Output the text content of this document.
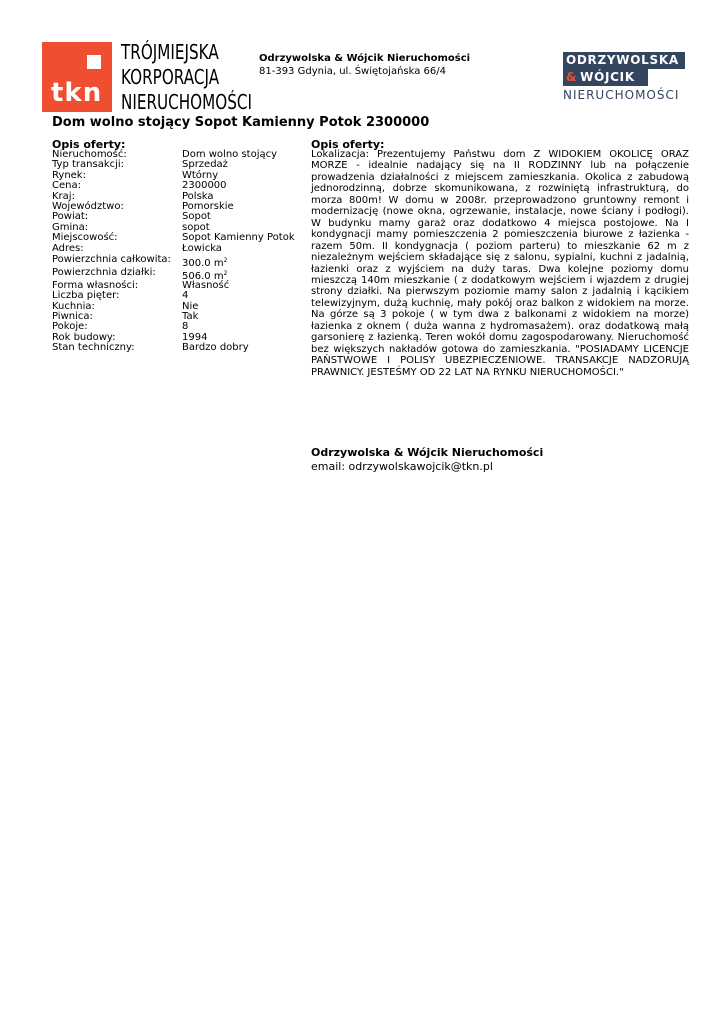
tkn
TRÓJMIEJSKA
KORPORACJA
NIERUCHOMOŚCI
Odrzywolska & Wójcik Nieruchomości
81-393 Gdynia, ul. Świętojańska 66/4
ODRZYWOLSKA
& WÓJCIK
NIERUCHOMOŚCI
Dom wolno stojący Sopot Kamienny Potok 2300000
Opis oferty:
Nieruchomość:	Dom wolno stojący
Typ transakcji:	Sprzedaż
Rynek:	Wtórny
Cena:	2300000
Kraj:	Polska
Województwo:	Pomorskie
Powiat:	Sopot
Gmina:	sopot
Miejscowość:	Sopot Kamienny Potok
Adres:	Łowicka
Powierzchnia całkowita: 300.0 $m^2$
Powierzchnia działki:	506.0 $m^2$
Forma własności:	Własność
Liczba pięter:	4
Kuchnia:	Nie
Piwnica:	Tak
Pokoje:	8
Rok budowy:	1994
Stan techniczny:	Bardzo dobry
Opis oferty:

Lokalizacja: Prezentujemy Państwu dom Z WIDOKIEM OKOLICĘ ORAZ MORZE - idealnie nadający się na II RODZINNY lub na połączenie prowadzenia działalności z miejscem zamieszkania. Okolica z zabudową jednorodzinną, dobrze skomunikowana, z rozwiniętą infrastrukturą, do morza 800m! W domu w 2008r. przeprowadzono gruntowny remont i modernizację (nowe okna, ogrzewanie, instalacje, nowe ściany i podłogi). W budynku mamy garaż oraz dodatkowo 4 miejsca postojowe. Na I kondygnacji mamy pomieszczenia 2 pomieszczenia biurowe z łazienka - razem 50m. II kondygnacja ( poziom parteru) to mieszkanie 62 m z niezależnym wejściem składające się z salonu, sypialni, kuchni z jadalnią, łazienki oraz z wyjściem na duży taras. Dwa kolejne poziomy domu mieszczą 140m mieszkanie ( z dodatkowym wejściem i wjazdem z drugiej strony działki. Na pierwszym poziomie mamy salon z jadalnią i kącikiem telewizyjnym, dużą kuchnię, mały pokój oraz balkon z widokiem na morze. Na górze są 3 pokoje ( w tym dwa z balkonami z widokiem na morze) łazienka z oknem ( duża wanna z hydromasażem). oraz dodatkową małą garsonierę z łazienką. Teren wokół domu zagospodarowany. Nieruchomość bez większych nakładów gotowa do zamieszkania. "POSIADAMY LICENCJE PAŃSTWOWE I POLISY UBEZPIECZENIOWE. TRANSAKCJE NADZORUJĄ PRAWNICY. JESTEŚMY OD 22 LAT NA RYNKU NIERUCHOMOŚCI."

Odrzywolska & Wójcik Nieruchomości
email: odrzywolskawojcik@tkn.pl
